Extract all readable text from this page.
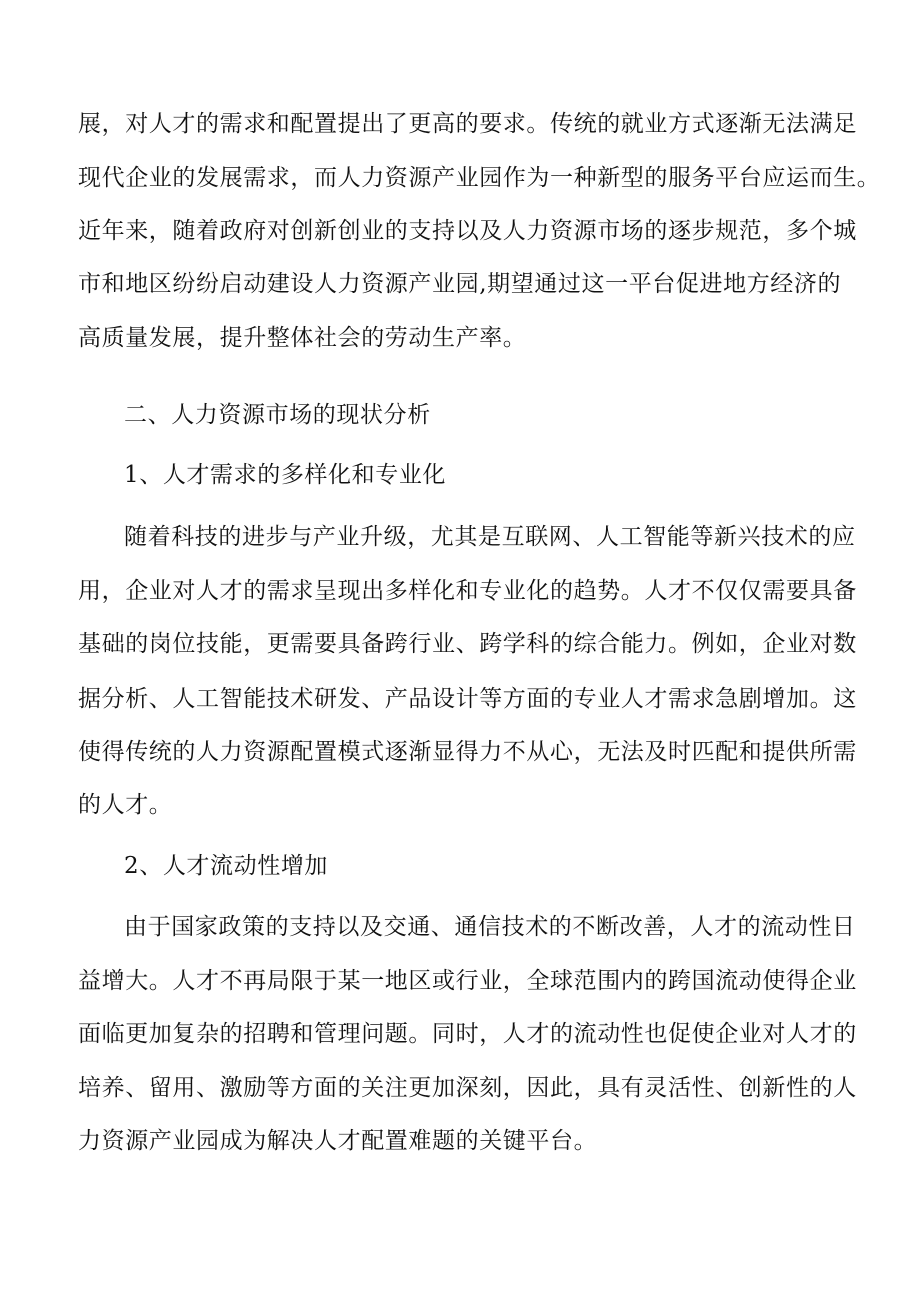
展，对人才的需求和配置提出了更高的要求。传统的就业方式逐渐无法满足
现代企业的发展需求，而人力资源产业园作为一种新型的服务平台应运而生。
近年来，随着政府对创新创业的支持以及人力资源市场的逐步规范，多个城
市和地区纷纷启动建设人力资源产业园,期望通过这一平台促进地方经济的
高质量发展，提升整体社会的劳动生产率。
二、人力资源市场的现状分析
1、人才需求的多样化和专业化
随着科技的进步与产业升级，尤其是互联网、人工智能等新兴技术的应
用，企业对人才的需求呈现出多样化和专业化的趋势。人才不仅仅需要具备
基础的岗位技能，更需要具备跨行业、跨学科的综合能力。例如，企业对数
据分析、人工智能技术研发、产品设计等方面的专业人才需求急剧增加。这
使得传统的人力资源配置模式逐渐显得力不从心，无法及时匹配和提供所需
的人才。
2、人才流动性增加
由于国家政策的支持以及交通、通信技术的不断改善，人才的流动性日
益增大。人才不再局限于某一地区或行业，全球范围内的跨国流动使得企业
面临更加复杂的招聘和管理问题。同时，人才的流动性也促使企业对人才的
培养、留用、激励等方面的关注更加深刻，因此，具有灵活性、创新性的人
力资源产业园成为解决人才配置难题的关键平台。
